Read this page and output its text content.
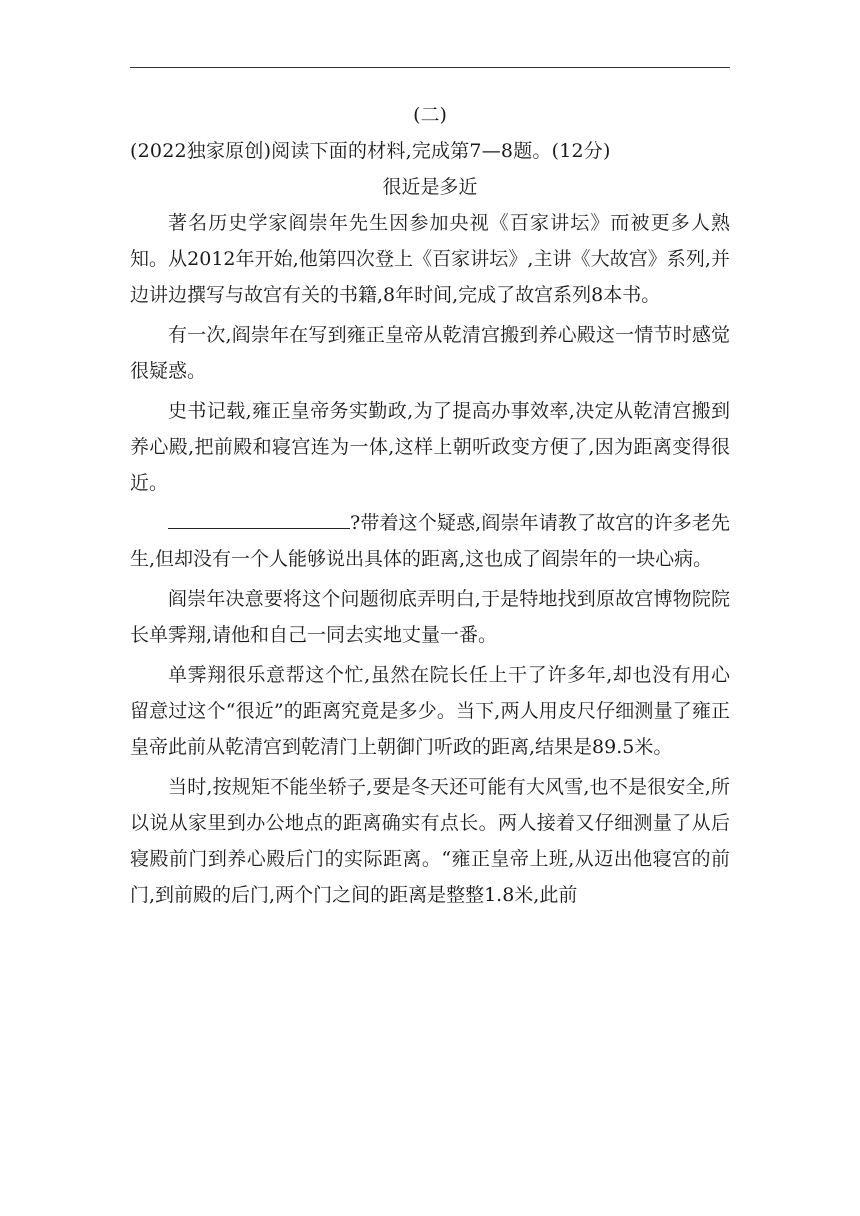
(二)

(2022独家原创)阅读下面的材料,完成第7—8题。(12分)

很近是多近

著名历史学家阎崇年先生因参加央视《百家讲坛》而被更多人熟知。从2012年开始,他第四次登上《百家讲坛》,主讲《大故宫》系列,并边讲边撰写与故宫有关的书籍,8年时间,完成了故宫系列8本书。

有一次,阎崇年在写到雍正皇帝从乾清宫搬到养心殿这一情节时感觉很疑惑。

史书记载,雍正皇帝务实勤政,为了提高办事效率,决定从乾清宫搬到养心殿,把前殿和寝宫连为一体,这样上朝听政变方便了,因为距离变得很近。

?带着这个疑惑,阎崇年请教了故宫的许多老先生,但却没有一个人能够说出具体的距离,这也成了阎崇年的一块心病。

阎崇年决意要将这个问题彻底弄明白,于是特地找到原故宫博物院院长单霁翔,请他和自己一同去实地丈量一番。

单霁翔很乐意帮这个忙,虽然在院长任上干了许多年,却也没有用心留意过这个“很近”的距离究竟是多少。当下,两人用皮尺仔细测量了雍正皇帝此前从乾清宫到乾清门上朝御门听政的距离,结果是89.5米。

当时,按规矩不能坐轿子,要是冬天还可能有大风雪,也不是很安全,所以说从家里到办公地点的距离确实有点长。两人接着又仔细测量了从后寝殿前门到养心殿后门的实际距离。“雍正皇帝上班,从迈出他寝宫的前门,到前殿的后门,两个门之间的距离是整整1.8米,此前
